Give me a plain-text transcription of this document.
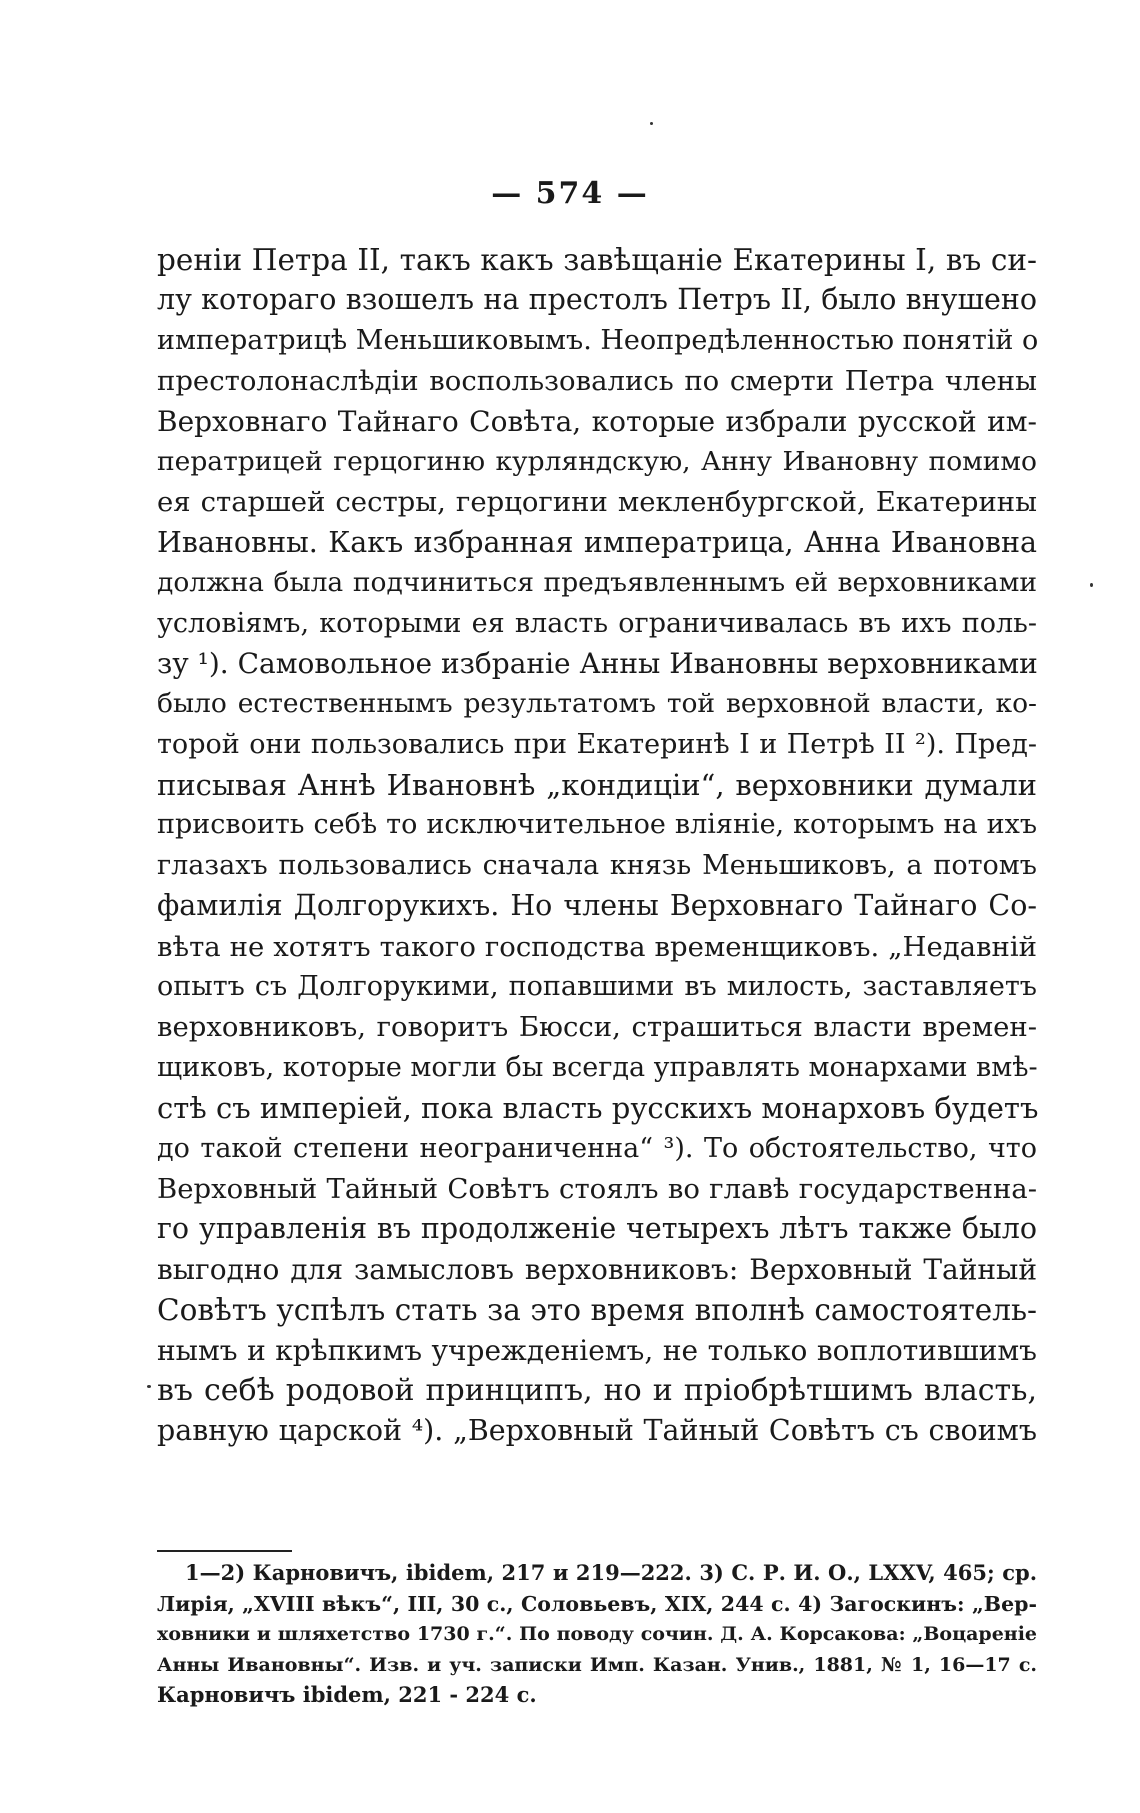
— 574 —
реніи Петра II, такъ какъ завѣщаніе Екатерины I, въ си-
лу котораго взошелъ на престолъ Петръ II, было внушено
императрицѣ Меньшиковымъ. Неопредѣленностью понятій о
престолонаслѣдіи воспользовались по смерти Петра члены
Верховнаго Тайнаго Совѣта, которые избрали русской им-
ператрицей герцогиню курляндскую, Анну Ивановну помимо
ея старшей сестры, герцогини мекленбургской, Екатерины
Ивановны. Какъ избранная императрица, Анна Ивановна
должна была подчиниться предъявленнымъ ей верховниками
условіямъ, которыми ея власть ограничивалась въ ихъ поль-
зу ¹). Самовольное избраніе Анны Ивановны верховниками
было естественнымъ результатомъ той верховной власти, ко-
торой они пользовались при Екатеринѣ I и Петрѣ II ²). Пред-
писывая Аннѣ Ивановнѣ „кондиціи“, верховники думали
присвоить себѣ то исключительное вліяніе, которымъ на ихъ
глазахъ пользовались сначала князь Меньшиковъ, а потомъ
фамилія Долгорукихъ. Но члены Верховнаго Тайнаго Со-
вѣта не хотятъ такого господства временщиковъ. „Недавній
опытъ съ Долгорукими, попавшими въ милость, заставляетъ
верховниковъ, говоритъ Бюсси, страшиться власти времен-
щиковъ, которые могли бы всегда управлять монархами вмѣ-
стѣ съ имперіей, пока власть русскихъ монарховъ будетъ
до такой степени неограниченна“ ³). То обстоятельство, что
Верховный Тайный Совѣтъ стоялъ во главѣ государственна-
го управленія въ продолженіе четырехъ лѣтъ также было
выгодно для замысловъ верховниковъ: Верховный Тайный
Совѣтъ успѣлъ стать за это время вполнѣ самостоятель-
нымъ и крѣпкимъ учрежденіемъ, не только воплотившимъ
въ себѣ родовой принципъ, но и пріобрѣтшимъ власть,
равную царской ⁴). „Верховный Тайный Совѣтъ съ своимъ
1—2) Карновичъ, ibidem, 217 и 219—222. 3) С. Р. И. О., LXXV, 465; ср.
Лирія, „XVIII вѣкъ“, III, 30 с., Соловьевъ, XIX, 244 с. 4) Загоскинъ: „Вер-
ховники и шляхетство 1730 г.“. По поводу сочин. Д. А. Корсакова: „Воцареніе
Анны Ивановны“. Изв. и уч. записки Имп. Казан. Унив., 1881, № 1, 16—17 с.
Карновичъ ibidem, 221 - 224 с.
